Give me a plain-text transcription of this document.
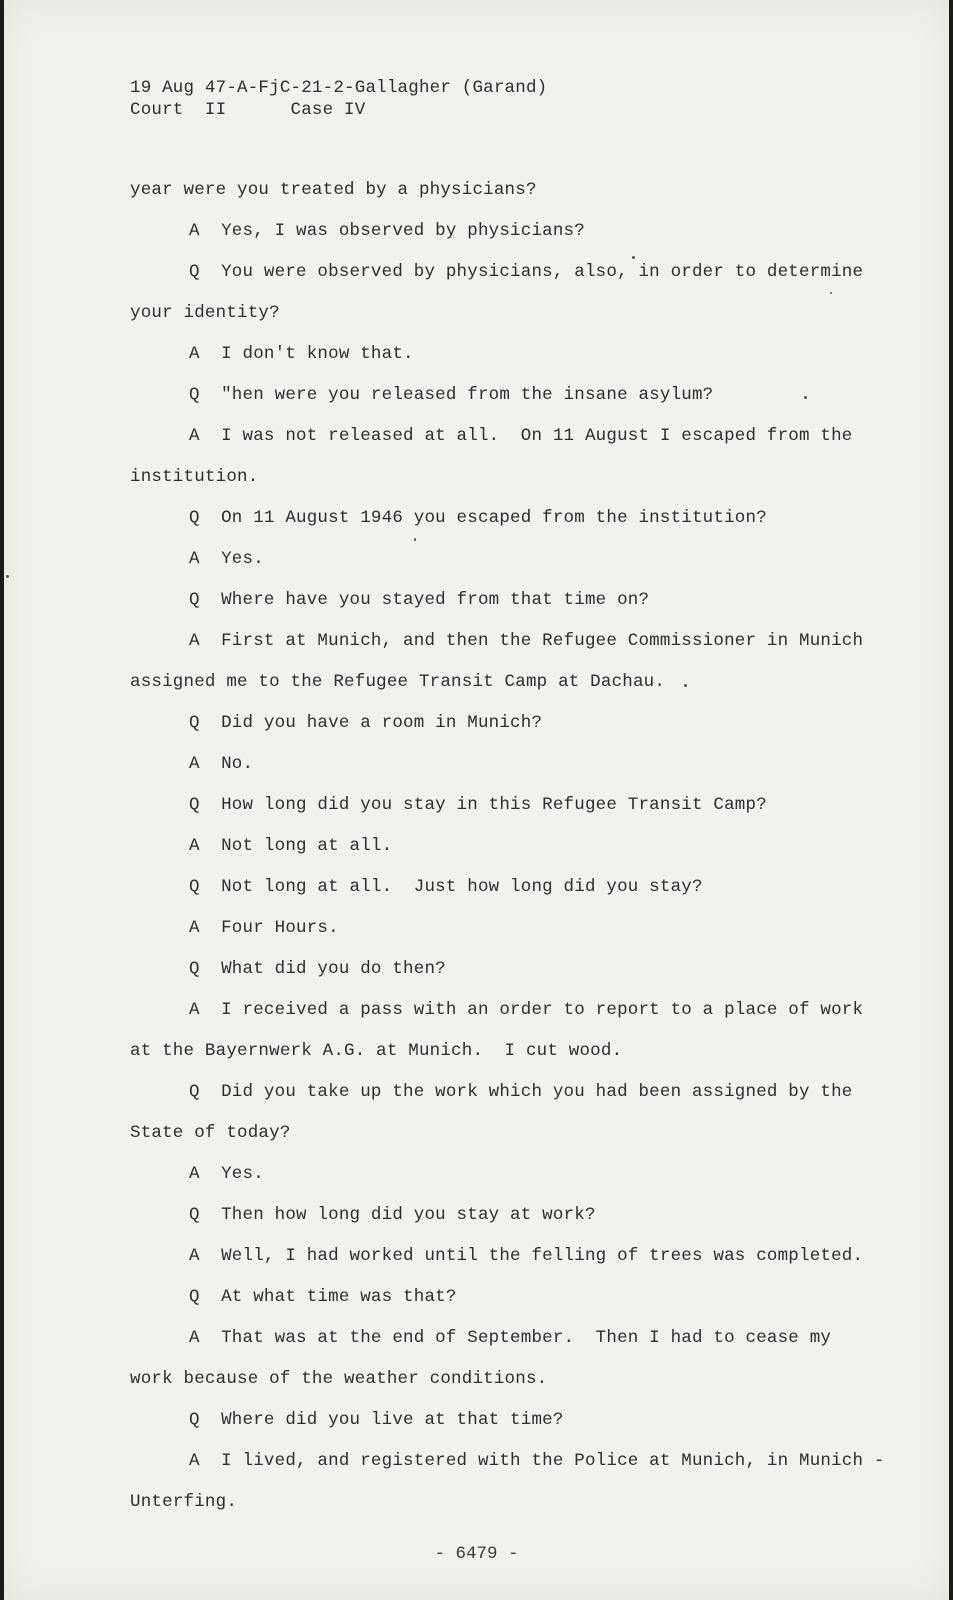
19 Aug 47-A-FjC-21-2-Gallagher (Garand)

Court  II      Case IV

year were you treated by a physicians?

A  Yes, I was observed by physicians?

Q  You were observed by physicians, also, in order to determine

your identity?

A  I don't know that.

Q  "hen were you released from the insane asylum?

A  I was not released at all.  On 11 August I escaped from the

institution.

Q  On 11 August 1946 you escaped from the institution?

A  Yes.

Q  Where have you stayed from that time on?

A  First at Munich, and then the Refugee Commissioner in Munich

assigned me to the Refugee Transit Camp at Dachau.

Q  Did you have a room in Munich?

A  No.

Q  How long did you stay in this Refugee Transit Camp?

A  Not long at all.

Q  Not long at all.  Just how long did you stay?

A  Four Hours.

Q  What did you do then?

A  I received a pass with an order to report to a place of work

at the Bayernwerk A.G. at Munich.  I cut wood.

Q  Did you take up the work which you had been assigned by the

State of today?

A  Yes.

Q  Then how long did you stay at work?

A  Well, I had worked until the felling of trees was completed.

Q  At what time was that?

A  That was at the end of September.  Then I had to cease my

work because of the weather conditions.

Q  Where did you live at that time?

A  I lived, and registered with the Police at Munich, in Munich -

Unterfing.

- 6479 -
